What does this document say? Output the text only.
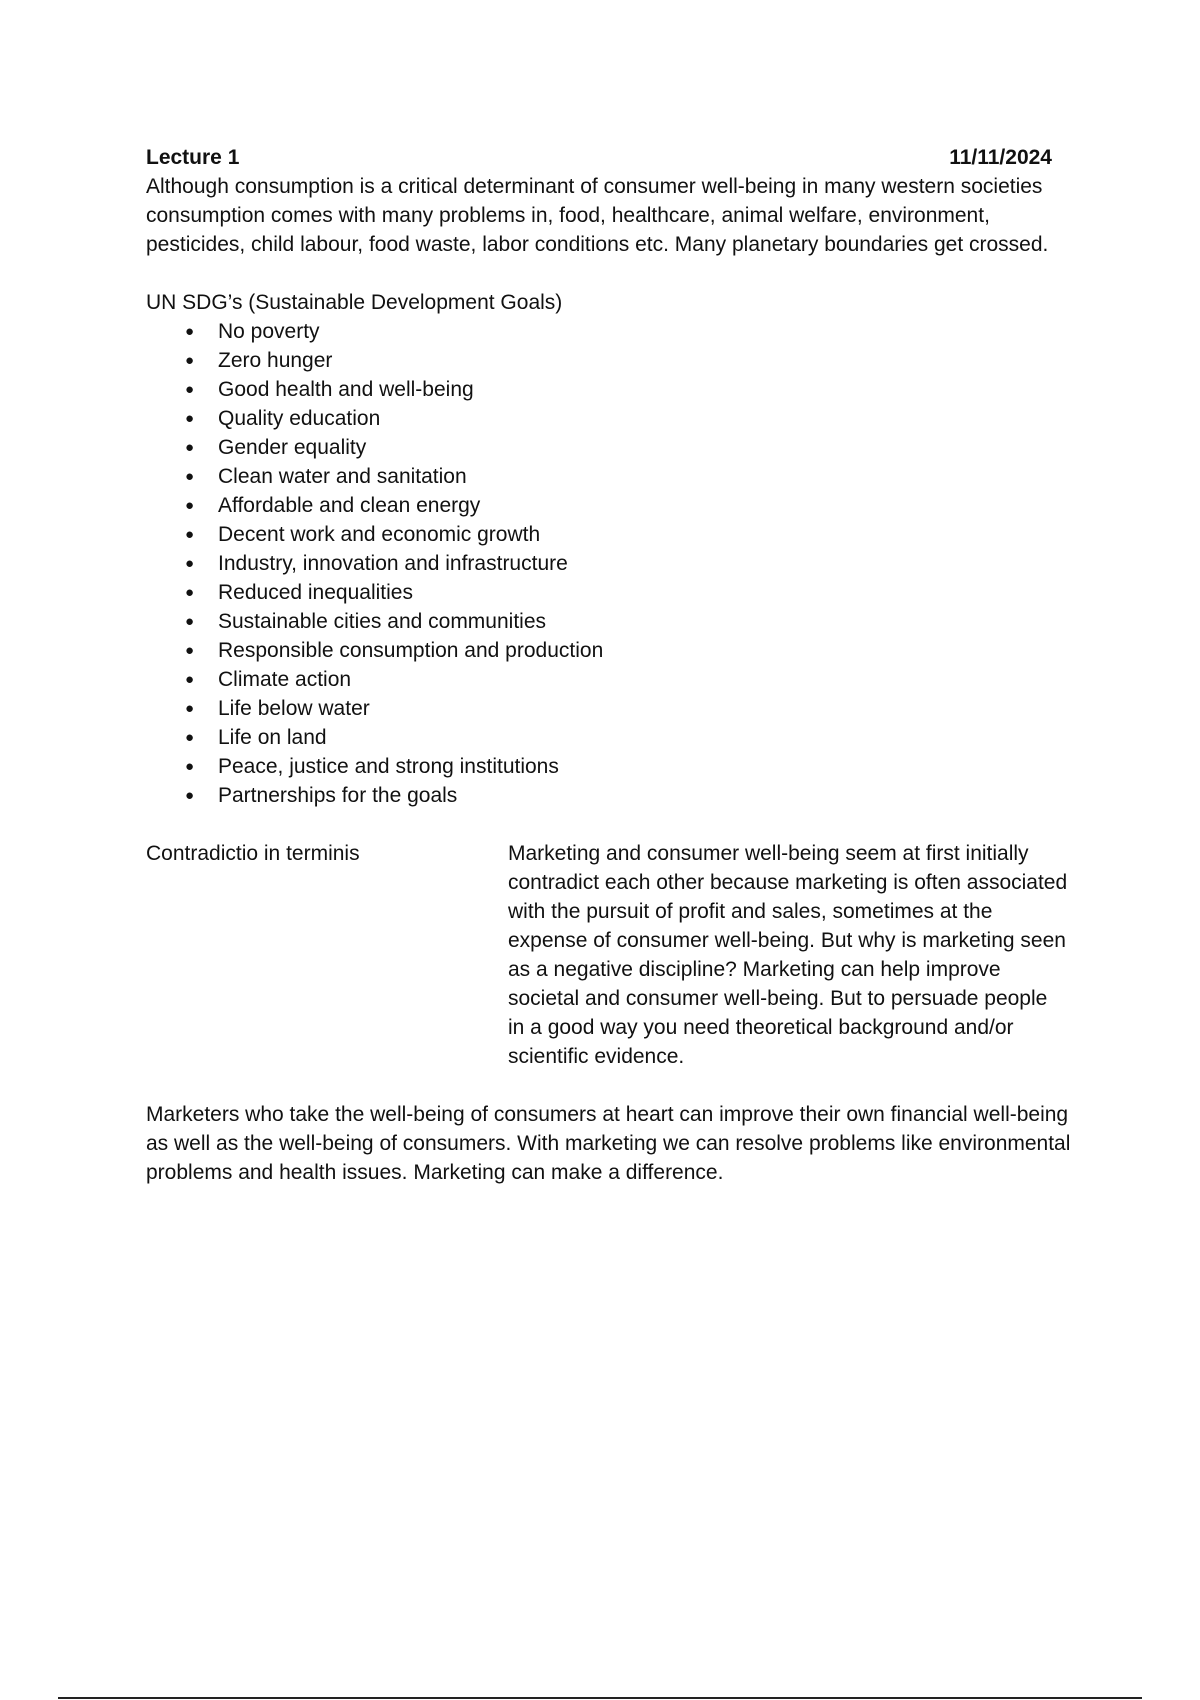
Lecture 1	11/11/2024

Although consumption is a critical determinant of consumer well-being in many western societies consumption comes with many problems in, food, healthcare, animal welfare, environment, pesticides, child labour, food waste, labor conditions etc. Many planetary boundaries get crossed.

UN SDG’s (Sustainable Development Goals)

● No poverty
● Zero hunger
● Good health and well-being
● Quality education
● Gender equality
● Clean water and sanitation
● Affordable and clean energy
● Decent work and economic growth
● Industry, innovation and infrastructure
● Reduced inequalities
● Sustainable cities and communities
● Responsible consumption and production
● Climate action
● Life below water
● Life on land
● Peace, justice and strong institutions
● Partnerships for the goals
Contradictio in terminis	Marketing and consumer well-being seem at first initially contradict each other because marketing is often associated with the pursuit of profit and sales, sometimes at the expense of consumer well-being. But why is marketing seen as a negative discipline? Marketing can help improve societal and consumer well-being. But to persuade people in a good way you need theoretical background and/or scientific evidence.

Marketers who take the well-being of consumers at heart can improve their own financial well-being as well as the well-being of consumers. With marketing we can resolve problems like environmental problems and health issues. Marketing can make a difference.
